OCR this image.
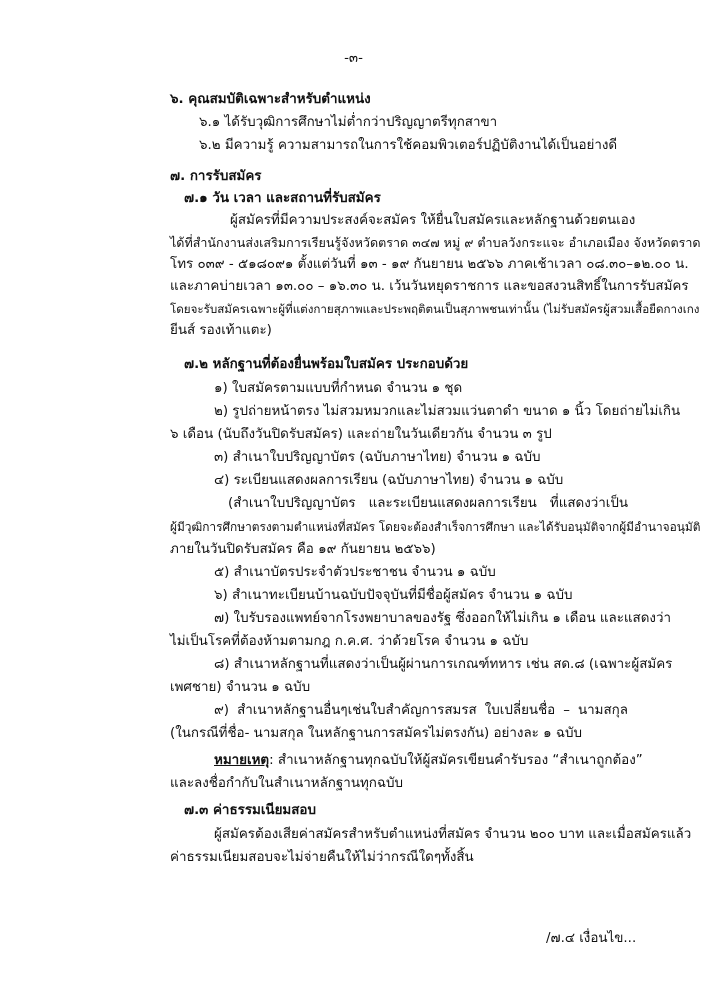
-๓-
๖. คุณสมบัติเฉพาะสำหรับตำแหน่ง
๖.๑ ได้รับวุฒิการศึกษาไม่ต่ำกว่าปริญญาตรีทุกสาขา
๖.๒ มีความรู้ ความสามารถในการใช้คอมพิวเตอร์ปฏิบัติงานได้เป็นอย่างดี
๗. การรับสมัคร
๗.๑ วัน เวลา และสถานที่รับสมัคร
ผู้สมัครที่มีความประสงค์จะสมัคร ให้ยื่นใบสมัครและหลักฐานด้วยตนเอง
ได้ที่สำนักงานส่งเสริมการเรียนรู้จังหวัดตราด ๓๔๗ หมู่ ๙ ตำบลวังกระแจะ อำเภอเมือง จังหวัดตราด
โทร ๐๓๙ - ๕๑๘๐๙๑ ตั้งแต่วันที่ ๑๓ - ๑๙ กันยายน ๒๕๖๖ ภาคเช้าเวลา ๐๘.๓๐–๑๒.๐๐ น.
และภาคบ่ายเวลา ๑๓.๐๐ – ๑๖.๓๐ น. เว้นวันหยุดราชการ และขอสงวนสิทธิ์ในการรับสมัคร
โดยจะรับสมัครเฉพาะผู้ที่แต่งกายสุภาพและประพฤติตนเป็นสุภาพชนเท่านั้น (ไม่รับสมัครผู้สวมเสื้อยืดกางเกง
ยีนส์ รองเท้าแตะ)
๗.๒ หลักฐานที่ต้องยื่นพร้อมใบสมัคร ประกอบด้วย
๑) ใบสมัครตามแบบที่กำหนด จำนวน ๑ ชุด
๒) รูปถ่ายหน้าตรง ไม่สวมหมวกและไม่สวมแว่นตาดำ ขนาด ๑ นิ้ว โดยถ่ายไม่เกิน
๖ เดือน (นับถึงวันปิดรับสมัคร) และถ่ายในวันเดียวกัน จำนวน ๓ รูป
๓) สำเนาใบปริญญาบัตร (ฉบับภาษาไทย) จำนวน ๑ ฉบับ
๔) ระเบียนแสดงผลการเรียน (ฉบับภาษาไทย) จำนวน ๑ ฉบับ
(สำเนาใบปริญญาบัตร และระเบียนแสดงผลการเรียน ที่แสดงว่าเป็น
ผู้มีวุฒิการศึกษาตรงตามตำแหน่งที่สมัคร โดยจะต้องสำเร็จการศึกษา และได้รับอนุมัติจากผู้มีอำนาจอนุมัติ
ภายในวันปิดรับสมัคร คือ ๑๙ กันยายน ๒๕๖๖)
๕) สำเนาบัตรประจำตัวประชาชน จำนวน ๑ ฉบับ
๖) สำเนาทะเบียนบ้านฉบับปัจจุบันที่มีชื่อผู้สมัคร จำนวน ๑ ฉบับ
๗) ใบรับรองแพทย์จากโรงพยาบาลของรัฐ ซึ่งออกให้ไม่เกิน ๑ เดือน และแสดงว่า
ไม่เป็นโรคที่ต้องห้ามตามกฎ ก.ค.ศ. ว่าด้วยโรค จำนวน ๑ ฉบับ
๘) สำเนาหลักฐานที่แสดงว่าเป็นผู้ผ่านการเกณฑ์ทหาร เช่น สด.๘ (เฉพาะผู้สมัคร
เพศชาย) จำนวน ๑ ฉบับ
๙) สำเนาหลักฐานอื่นๆเช่นใบสำคัญการสมรส ใบเปลี่ยนชื่อ – นามสกุล
(ในกรณีที่ชื่อ- นามสกุล ในหลักฐานการสมัครไม่ตรงกัน) อย่างละ ๑ ฉบับ
หมายเหตุ: สำเนาหลักฐานทุกฉบับให้ผู้สมัครเขียนคำรับรอง “สำเนาถูกต้อง”
และลงชื่อกำกับในสำเนาหลักฐานทุกฉบับ
๗.๓ ค่าธรรมเนียมสอบ
ผู้สมัครต้องเสียค่าสมัครสำหรับตำแหน่งที่สมัคร จำนวน ๒๐๐ บาท และเมื่อสมัครแล้ว
ค่าธรรมเนียมสอบจะไม่จ่ายคืนให้ไม่ว่ากรณีใดๆทั้งสิ้น
/๗.๔ เงื่อนไข...
